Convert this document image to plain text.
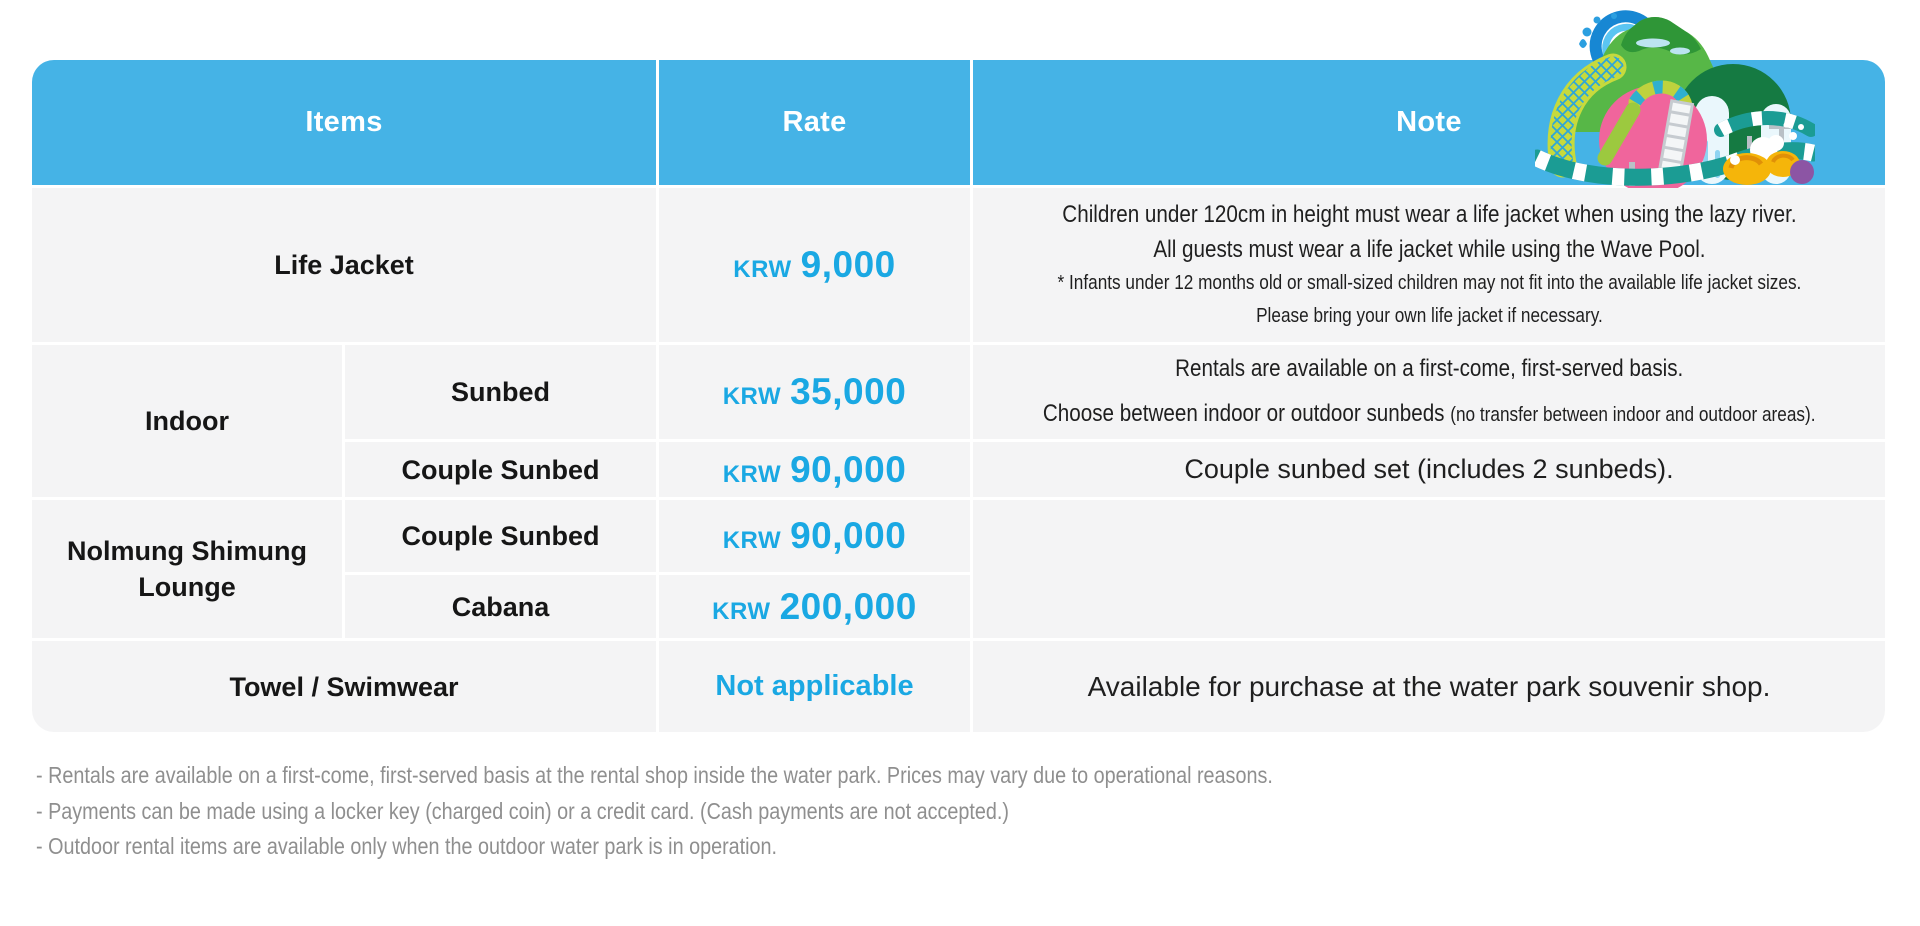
Items	Rate	Note
Life Jacket	KRW 9,000
Children under 120cm in height must wear a life jacket when using the lazy river.
All guests must wear a life jacket while using the Wave Pool.
* Infants under 12 months old or small-sized children may not fit into the available life jacket sizes.
Please bring your own life jacket if necessary.
Indoor
Sunbed	KRW 35,000
Rentals are available on a first-come, first-served basis.
Choose between indoor or outdoor sunbeds (no transfer between indoor and outdoor areas).
Couple Sunbed	KRW 90,000	Couple sunbed set (includes 2 sunbeds).
Nolmung Shimung
Lounge
Couple Sunbed	KRW 90,000
Cabana	KRW 200,000
Towel / Swimwear	Not applicable	Available for purchase at the water park souvenir shop.
- Rentals are available on a first-come, first-served basis at the rental shop inside the water park. Prices may vary due to operational reasons.
- Payments can be made using a locker key (charged coin) or a credit card. (Cash payments are not accepted.)
- Outdoor rental items are available only when the outdoor water park is in operation.
